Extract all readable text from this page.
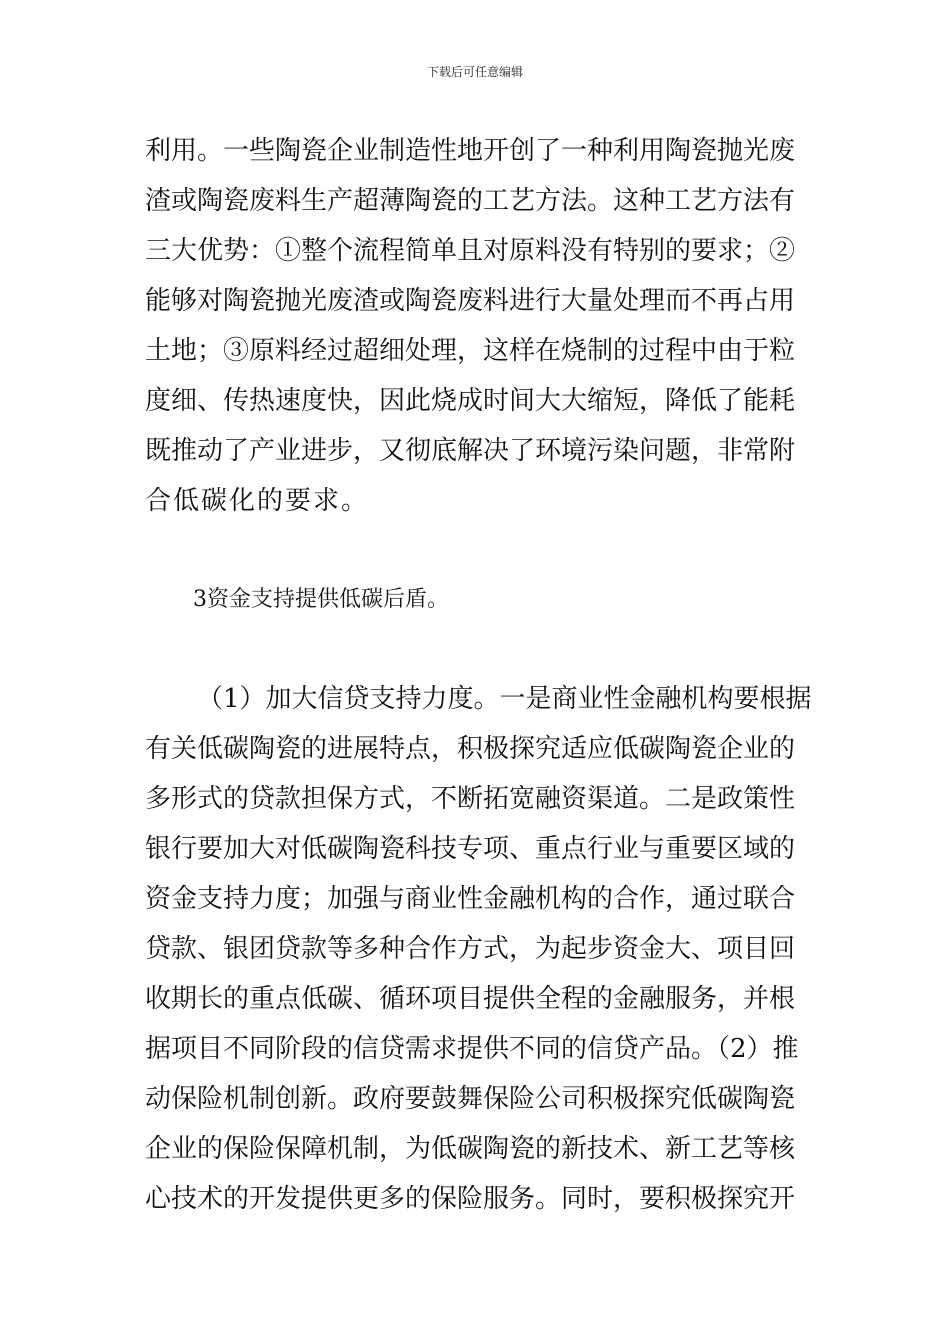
下载后可任意编辑
利用。一些陶瓷企业制造性地开创了一种利用陶瓷抛光废
渣或陶瓷废料生产超薄陶瓷的工艺方法。这种工艺方法有
三大优势：①整个流程简单且对原料没有特别的要求；②
能够对陶瓷抛光废渣或陶瓷废料进行大量处理而不再占用
土地；③原料经过超细处理，这样在烧制的过程中由于粒
度细、传热速度快，因此烧成时间大大缩短，降低了能耗
既推动了产业进步，又彻底解决了环境污染问题，非常附
合低碳化的要求。
3资金支持提供低碳后盾。
（1）加大信贷支持力度。一是商业性金融机构要根据
有关低碳陶瓷的进展特点，积极探究适应低碳陶瓷企业的
多形式的贷款担保方式，不断拓宽融资渠道。二是政策性
银行要加大对低碳陶瓷科技专项、重点行业与重要区域的
资金支持力度；加强与商业性金融机构的合作，通过联合
贷款、银团贷款等多种合作方式，为起步资金大、项目回
收期长的重点低碳、循环项目提供全程的金融服务，并根
据项目不同阶段的信贷需求提供不同的信贷产品。（2）推
动保险机制创新。政府要鼓舞保险公司积极探究低碳陶瓷
企业的保险保障机制，为低碳陶瓷的新技术、新工艺等核
心技术的开发提供更多的保险服务。同时，要积极探究开
